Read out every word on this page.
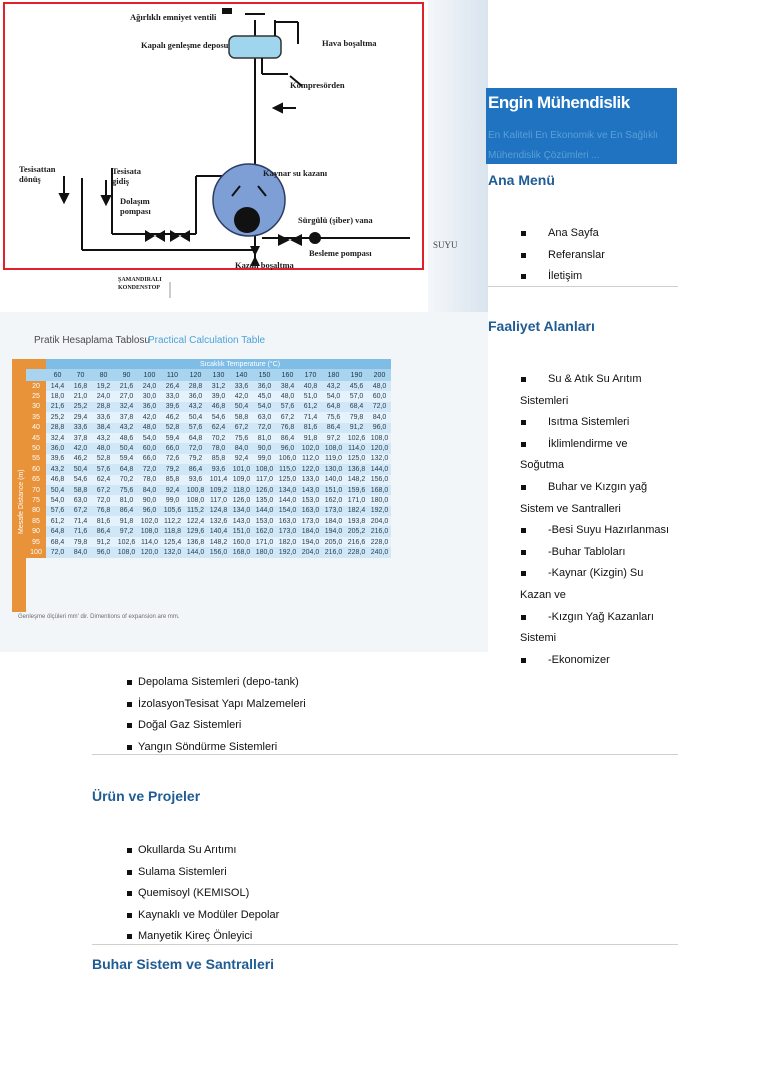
Ağırlıklı emniyet ventili
Kapalı genleşme deposu	Hava boşaltma
Kompresörden
Tesisattan dönüş
Tesisata gidiş
Dolaşım pompası
Kaynar su kazanı
Sürgülü (şiber) vana
Besleme pompası
Kazan boşaltma
SUYU
ŞAMANDIRALI
KONDENSTOP
Pratik Hesaplama Tablosu
Practical Calculation Table
Mesafe Distance (m)

	60	70	80	90	100	110	120	130	140	150	160	170	180	190	200
20	14,4	16,8	19,2	21,6	24,0	26,4	28,8	31,2	33,6	36,0	38,4	40,8	43,2	45,6	48,0
25	18,0	21,0	24,0	27,0	30,0	33,0	36,0	39,0	42,0	45,0	48,0	51,0	54,0	57,0	60,0
30	21,6	25,2	28,8	32,4	36,0	39,6	43,2	46,8	50,4	54,0	57,6	61,2	64,8	68,4	72,0
35	25,2	29,4	33,6	37,8	42,0	46,2	50,4	54,6	58,8	63,0	67,2	71,4	75,6	79,8	84,0
40	28,8	33,6	38,4	43,2	48,0	52,8	57,6	62,4	67,2	72,0	76,8	81,6	86,4	91,2	96,0
45	32,4	37,8	43,2	48,6	54,0	59,4	64,8	70,2	75,6	81,0	86,4	91,8	97,2	102,6	108,0
50	36,0	42,0	48,0	50,4	60,0	66,0	72,0	78,0	84,0	90,0	96,0	102,0	108,0	114,0	120,0
55	39,6	46,2	52,8	59,4	66,0	72,6	79,2	85,8	92,4	99,0	106,0	112,0	119,0	125,0	132,0
60	43,2	50,4	57,6	64,8	72,0	79,2	86,4	93,6	101,0	108,0	115,0	122,0	130,0	136,8	144,0
65	46,8	54,6	62,4	70,2	78,0	85,8	93,6	101,4	109,0	117,0	125,0	133,0	140,0	148,2	156,0
70	50,4	58,8	67,2	75,6	84,0	92,4	100,8	109,2	118,0	126,0	134,0	143,0	151,0	159,6	168,0
75	54,0	63,0	72,0	81,0	90,0	99,0	108,0	117,0	126,0	135,0	144,0	153,0	162,0	171,0	180,0
80	57,6	67,2	76,8	86,4	96,0	105,6	115,2	124,8	134,0	144,0	154,0	163,0	173,0	182,4	192,0
85	61,2	71,4	81,6	91,8	102,0	112,2	122,4	132,6	143,0	153,0	163,0	173,0	184,0	193,8	204,0
90	64,8	71,6	86,4	97,2	108,0	118,8	129,6	140,4	151,0	162,0	173,0	184,0	194,0	205,2	216,0
95	68,4	79,8	91,2	102,6	114,0	125,4	136,8	148,2	160,0	171,0	182,0	194,0	205,0	216,6	228,0
100	72,0	84,0	96,0	108,0	120,0	132,0	144,0	156,0	168,0	180,0	192,0	204,0	216,0	228,0	240,0
Sıcaklık Temperature (°C)
Genleşme ölçüleri mm' dir. Dimentions of expansion are mm.
Engin Mühendislik
En Kaliteli En Ekonomik ve En Sağlıklı Mühendislik Çözümleri ...
Ana Menü
Ana Sayfa
Referanslar
İletişim
Faaliyet Alanları
Su & Atık Su Arıtım
Sistemleri
Isıtma Sistemleri
İklimlendirme ve
Soğutma
Buhar ve Kızgın yağ
Sistem ve Santralleri
-Besi Suyu Hazırlanması
-Buhar Tabloları
-Kaynar (Kizgin) Su
Kazan ve
-Kızgın Yağ Kazanları
Sistemi
-Ekonomizer
Depolama Sistemleri (depo-tank)
İzolasyonTesisat Yapı Malzemeleri
Doğal Gaz Sistemleri
Yangın Söndürme Sistemleri
Ürün ve Projeler
Okullarda Su Arıtımı
Sulama Sistemleri
Quemisoyl (KEMISOL)
Kaynaklı ve Modüler Depolar
Manyetik Kireç Önleyici
Buhar Sistem ve Santralleri
